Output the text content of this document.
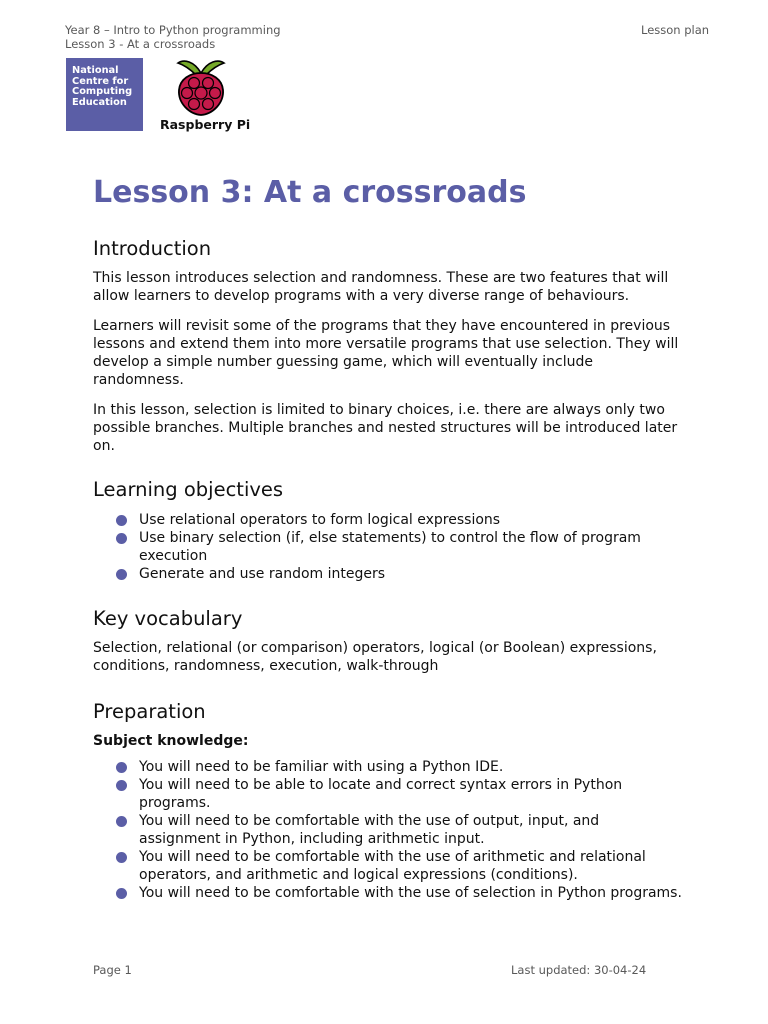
Year 8 – Intro to Python programming
Lesson 3 - At a crossroads
Lesson plan
National
Centre for
Computing
Education
Raspberry Pi
Lesson 3: At a crossroads
Introduction

This lesson introduces selection and randomness. These are two features that will allow learners to develop programs with a very diverse range of behaviours.

Learners will revisit some of the programs that they have encountered in previous lessons and extend them into more versatile programs that use selection. They will develop a simple number guessing game, which will eventually include randomness.

In this lesson, selection is limited to binary choices, i.e. there are always only two possible branches. Multiple branches and nested structures will be introduced later on.

Learning objectives
Use relational operators to form logical expressions
Use binary selection (if, else statements) to control the flow of program execution
Generate and use random integers
Key vocabulary

Selection, relational (or comparison) operators, logical (or Boolean) expressions, conditions, randomness, execution, walk-through

Preparation
Subject knowledge:
You will need to be familiar with using a Python IDE.
You will need to be able to locate and correct syntax errors in Python programs.
You will need to be comfortable with the use of output, input, and assignment in Python, including arithmetic input.
You will need to be comfortable with the use of arithmetic and relational operators, and arithmetic and logical expressions (conditions).
You will need to be comfortable with the use of selection in Python programs.
Page 1	Last updated: 30-04-24
